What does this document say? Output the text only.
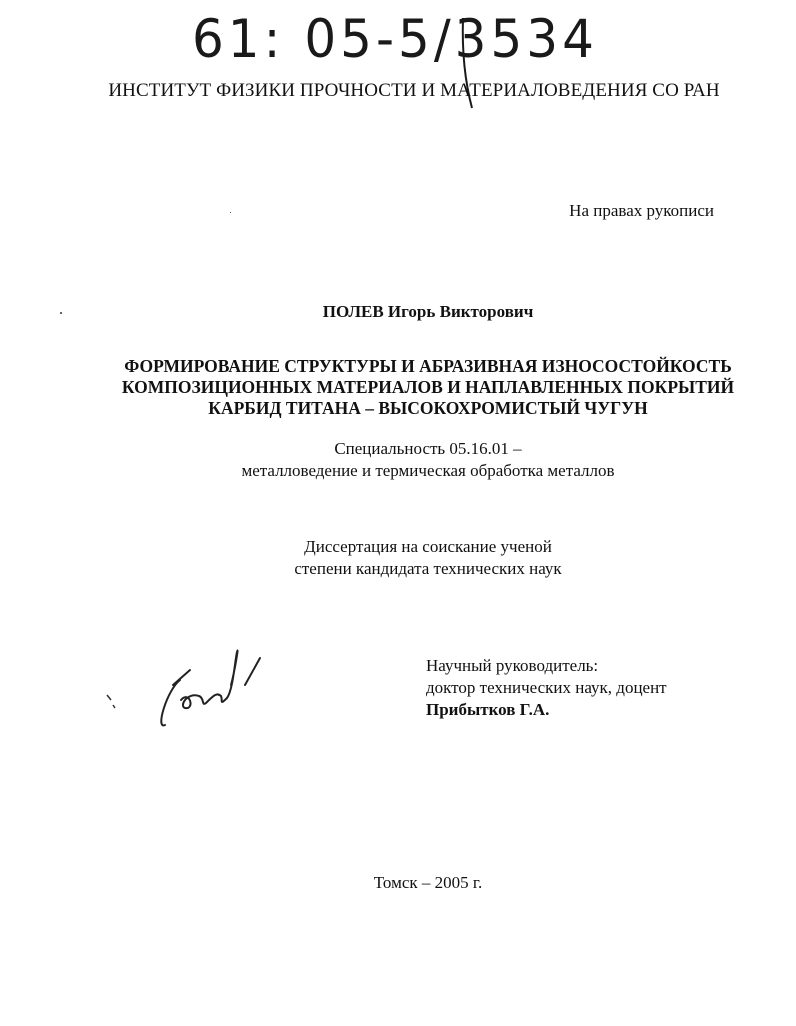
61: 05-5/3534
ИНСТИТУТ ФИЗИКИ ПРОЧНОСТИ И МАТЕРИАЛОВЕДЕНИЯ СО РАН
На правах рукописи
ПОЛЕВ Игорь Викторович
ФОРМИРОВАНИЕ СТРУКТУРЫ И АБРАЗИВНАЯ ИЗНОСОСТОЙКОСТЬ
КОМПОЗИЦИОННЫХ МАТЕРИАЛОВ И НАПЛАВЛЕННЫХ ПОКРЫТИЙ
КАРБИД ТИТАНА – ВЫСОКОХРОМИСТЫЙ ЧУГУН
Специальность 05.16.01 –
металловедение и термическая обработка металлов
Диссертация на соискание ученой
степени кандидата технических наук
Научный руководитель:
доктор технических наук, доцент
Прибытков Г.А.
Томск – 2005 г.
